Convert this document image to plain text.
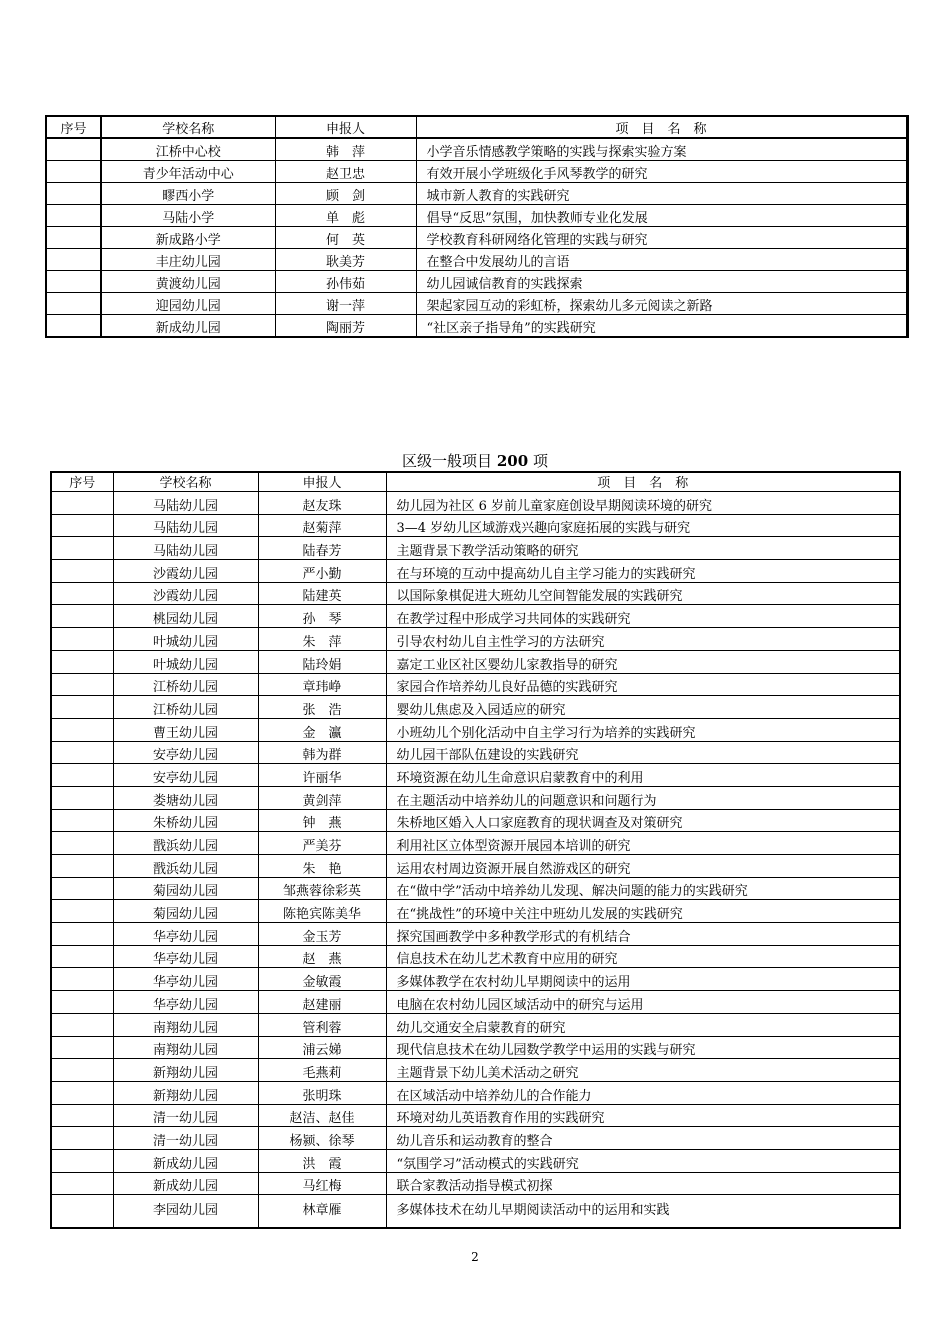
序号	学校名称	申报人	项　目　名　称
	江桥中心校	韩　萍	小学音乐情感教学策略的实践与探索实验方案
	青少年活动中心	赵卫忠	有效开展小学班级化手风琴教学的研究
	疁西小学	顾　剑	城市新人教育的实践研究
	马陆小学	单　彪	倡导“反思”氛围，加快教师专业化发展
	新成路小学	何　英	学校教育科研网络化管理的实践与研究
	丰庄幼儿园	耿美芳	在整合中发展幼儿的言语
	黄渡幼儿园	孙伟茹	幼儿园诚信教育的实践探索
	迎园幼儿园	谢一萍	架起家园互动的彩虹桥，探索幼儿多元阅读之新路
	新成幼儿园	陶丽芳	“社区亲子指导角”的实践研究
区级一般项目 200 项
序号	学校名称	申报人	项　目　名　称
	马陆幼儿园	赵友珠	幼儿园为社区 6 岁前儿童家庭创设早期阅读环境的研究
	马陆幼儿园	赵菊萍	3—4 岁幼儿区域游戏兴趣向家庭拓展的实践与研究
	马陆幼儿园	陆春芳	主题背景下教学活动策略的研究
	沙霞幼儿园	严小勤	在与环境的互动中提高幼儿自主学习能力的实践研究
	沙霞幼儿园	陆建英	以国际象棋促进大班幼儿空间智能发展的实践研究
	桃园幼儿园	孙　琴	在教学过程中形成学习共同体的实践研究
	叶城幼儿园	朱　萍	引导农村幼儿自主性学习的方法研究
	叶城幼儿园	陆玲娟	嘉定工业区社区婴幼儿家教指导的研究
	江桥幼儿园	章玮峥	家园合作培养幼儿良好品德的实践研究
	江桥幼儿园	张　浩	婴幼儿焦虑及入园适应的研究
	曹王幼儿园	金　瀛	小班幼儿个别化活动中自主学习行为培养的实践研究
	安亭幼儿园	韩为群	幼儿园干部队伍建设的实践研究
	安亭幼儿园	许丽华	环境资源在幼儿生命意识启蒙教育中的利用
	娄塘幼儿园	黄剑萍	在主题活动中培养幼儿的问题意识和问题行为
	朱桥幼儿园	钟　燕	朱桥地区婚入人口家庭教育的现状调查及对策研究
	戬浜幼儿园	严美芬	利用社区立体型资源开展园本培训的研究
	戬浜幼儿园	朱　艳	运用农村周边资源开展自然游戏区的研究
	菊园幼儿园	邹燕蓉徐彩英	在“做中学”活动中培养幼儿发现、解决问题的能力的实践研究
	菊园幼儿园	陈艳宾陈美华	在“挑战性”的环境中关注中班幼儿发展的实践研究
	华亭幼儿园	金玉芳	探究国画教学中多种教学形式的有机结合
	华亭幼儿园	赵　燕	信息技术在幼儿艺术教育中应用的研究
	华亭幼儿园	金敏霞	多媒体教学在农村幼儿早期阅读中的运用
	华亭幼儿园	赵建丽	电脑在农村幼儿园区域活动中的研究与运用
	南翔幼儿园	管利蓉	幼儿交通安全启蒙教育的研究
	南翔幼儿园	浦云娣	现代信息技术在幼儿园数学教学中运用的实践与研究
	新翔幼儿园	毛燕莉	主题背景下幼儿美术活动之研究
	新翔幼儿园	张明珠	在区域活动中培养幼儿的合作能力
	清一幼儿园	赵洁、赵佳	环境对幼儿英语教育作用的实践研究
	清一幼儿园	杨颍、徐琴	幼儿音乐和运动教育的整合
	新成幼儿园	洪　霞	“氛围学习”活动模式的实践研究
	新成幼儿园	马红梅	联合家教活动指导模式初探
	李园幼儿园	林章雁	多媒体技术在幼儿早期阅读活动中的运用和实践
2
